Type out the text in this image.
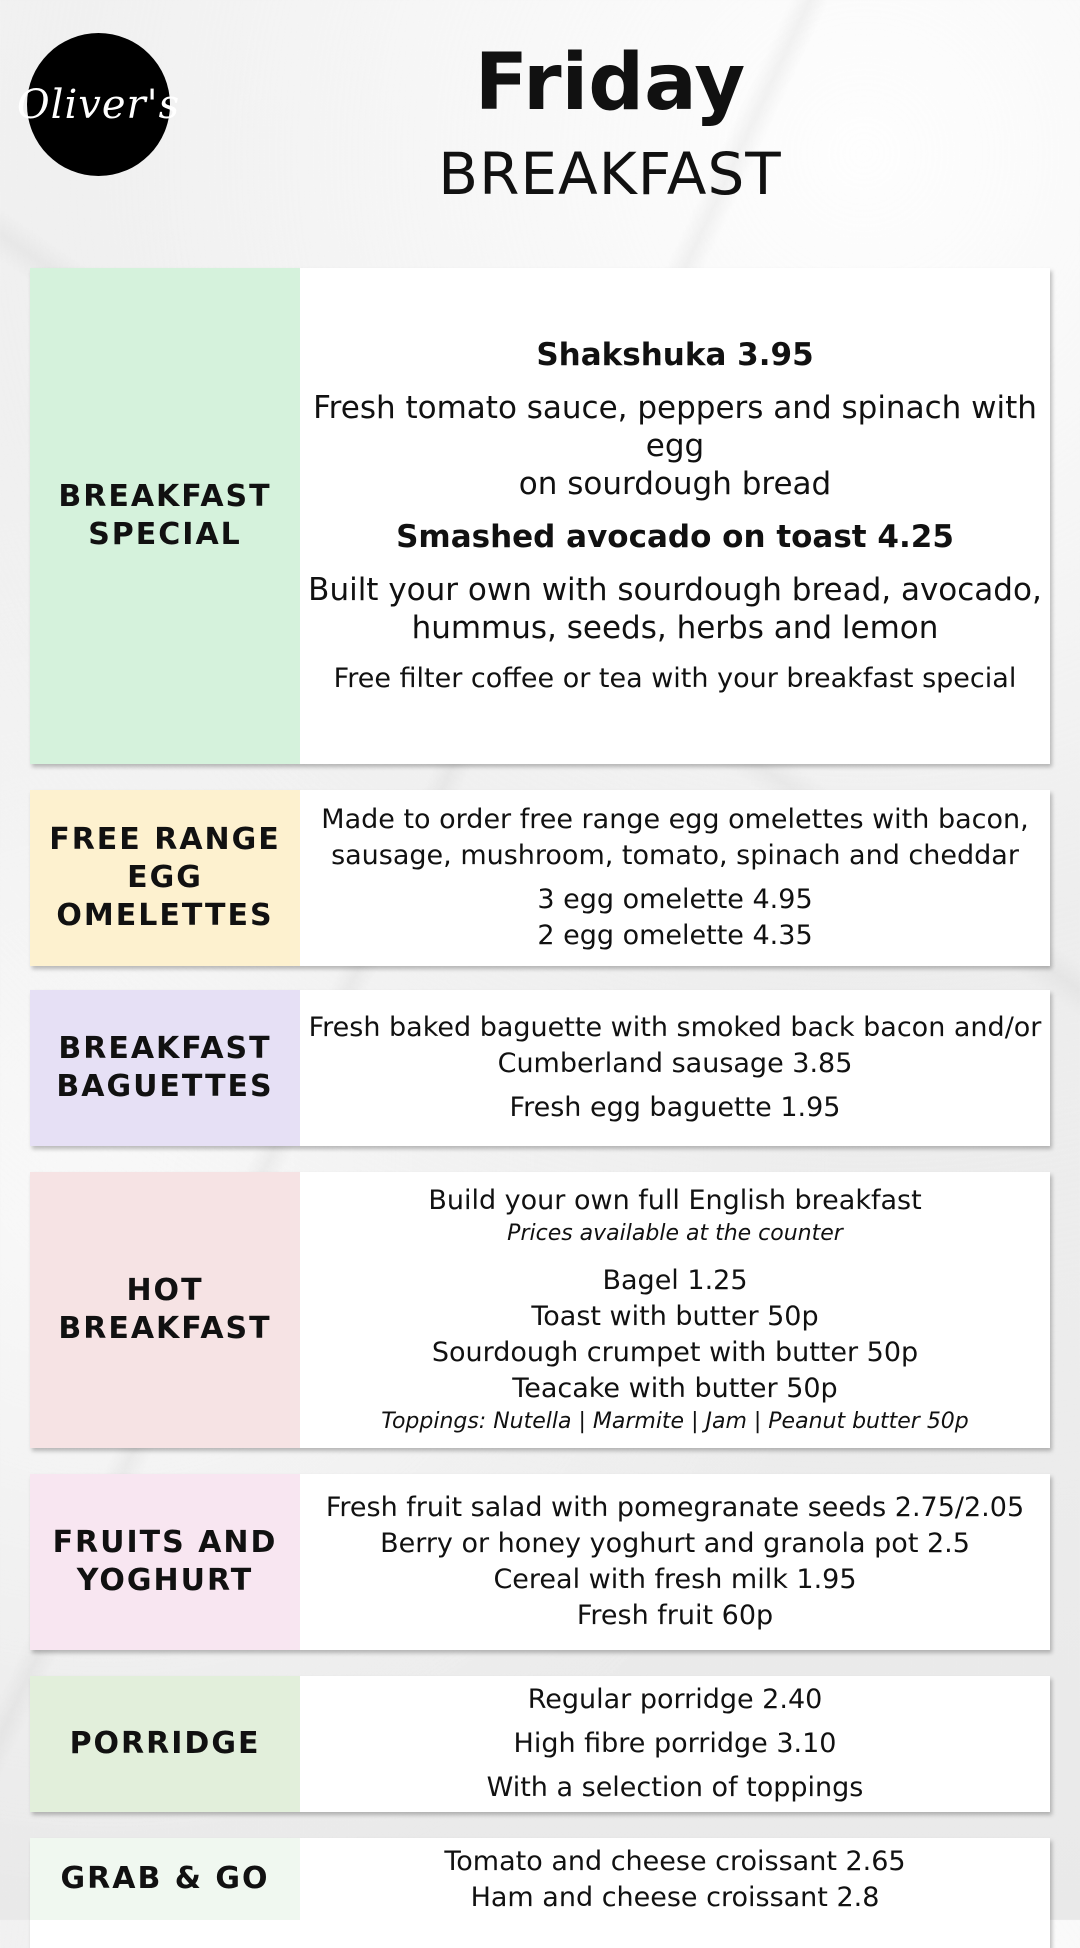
Oliver's	Friday
BREAKFAST
BREAKFAST
SPECIAL
Shakshuka 3.95
Fresh tomato sauce, peppers and spinach with egg
on sourdough bread
Smashed avocado on toast 4.25
Built your own with sourdough bread, avocado,
hummus, seeds, herbs and lemon
Free filter coffee or tea with your breakfast special
FREE RANGE
EGG
OMELETTES
Made to order free range egg omelettes with bacon,
sausage, mushroom, tomato, spinach and cheddar
3 egg omelette 4.95
2 egg omelette 4.35
BREAKFAST
BAGUETTES
Fresh baked baguette with smoked back bacon and/or
Cumberland sausage 3.85
Fresh egg baguette 1.95
HOT
BREAKFAST
Build your own full English breakfast
Prices available at the counter
Bagel 1.25
Toast with butter 50p
Sourdough crumpet with butter 50p
Teacake with butter 50p
Toppings: Nutella | Marmite | Jam | Peanut butter 50p
FRUITS AND
YOGHURT
Fresh fruit salad with pomegranate seeds 2.75/2.05
Berry or honey yoghurt and granola pot 2.5
Cereal with fresh milk 1.95
Fresh fruit 60p
PORRIDGE
Regular porridge 2.40
High fibre porridge 3.10
With a selection of toppings
GRAB & GO	Tomato and cheese croissant 2.65
Ham and cheese croissant 2.8
